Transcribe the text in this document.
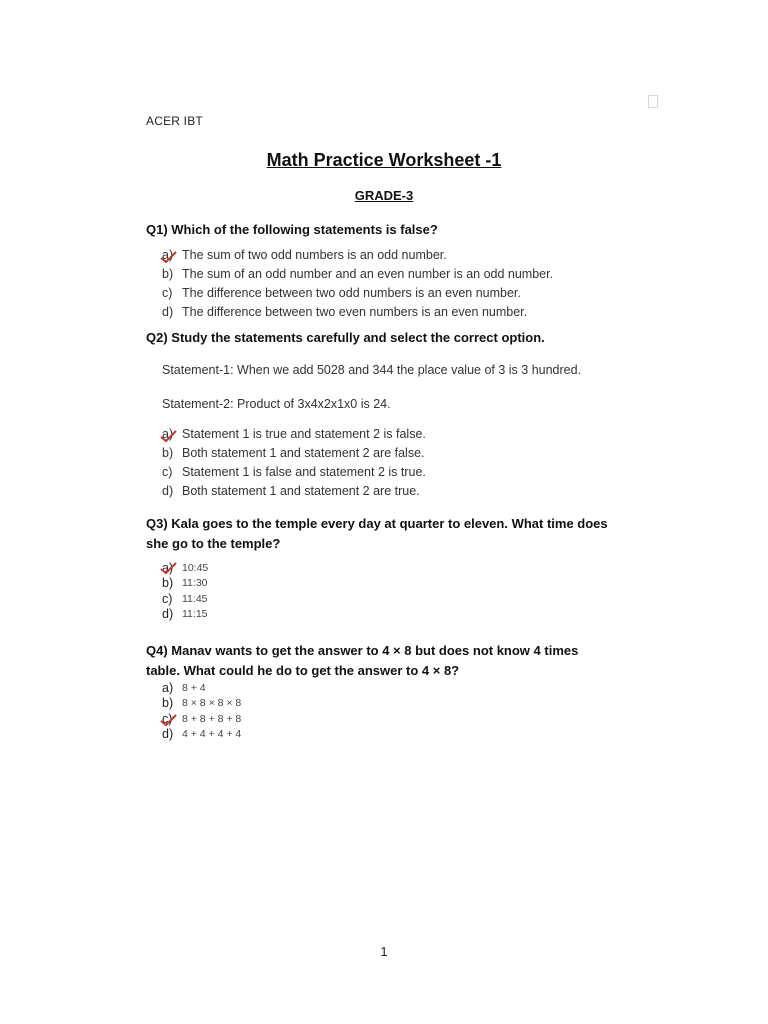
ACER IBT
Math Practice Worksheet -1
GRADE-3
Q1) Which of the following statements is false?
a) The sum of two odd numbers is an odd number.
b) The sum of an odd number and an even number is an odd number.
c) The difference between two odd numbers is an even number.
d) The difference between two even numbers is an even number.
Q2) Study the statements carefully and select the correct option.
Statement-1: When we add 5028 and 344 the place value of 3 is 3 hundred.
Statement-2: Product of 3x4x2x1x0 is 24.
a) Statement 1 is true and statement 2 is false.
b) Both statement 1 and statement 2 are false.
c) Statement 1 is false and statement 2 is true.
d) Both statement 1 and statement 2 are true.
Q3) Kala goes to the temple every day at quarter to eleven. What time does
she go to the temple?
a) 10:45
b) 11:30
c) 11:45
d) 11:15
Q4) Manav wants to get the answer to 4 × 8 but does not know 4 times
table. What could he do to get the answer to 4 × 8?
a) 8 + 4
b) 8 × 8 × 8 × 8
c) 8 + 8 + 8 + 8
d) 4 + 4 + 4 + 4
1
